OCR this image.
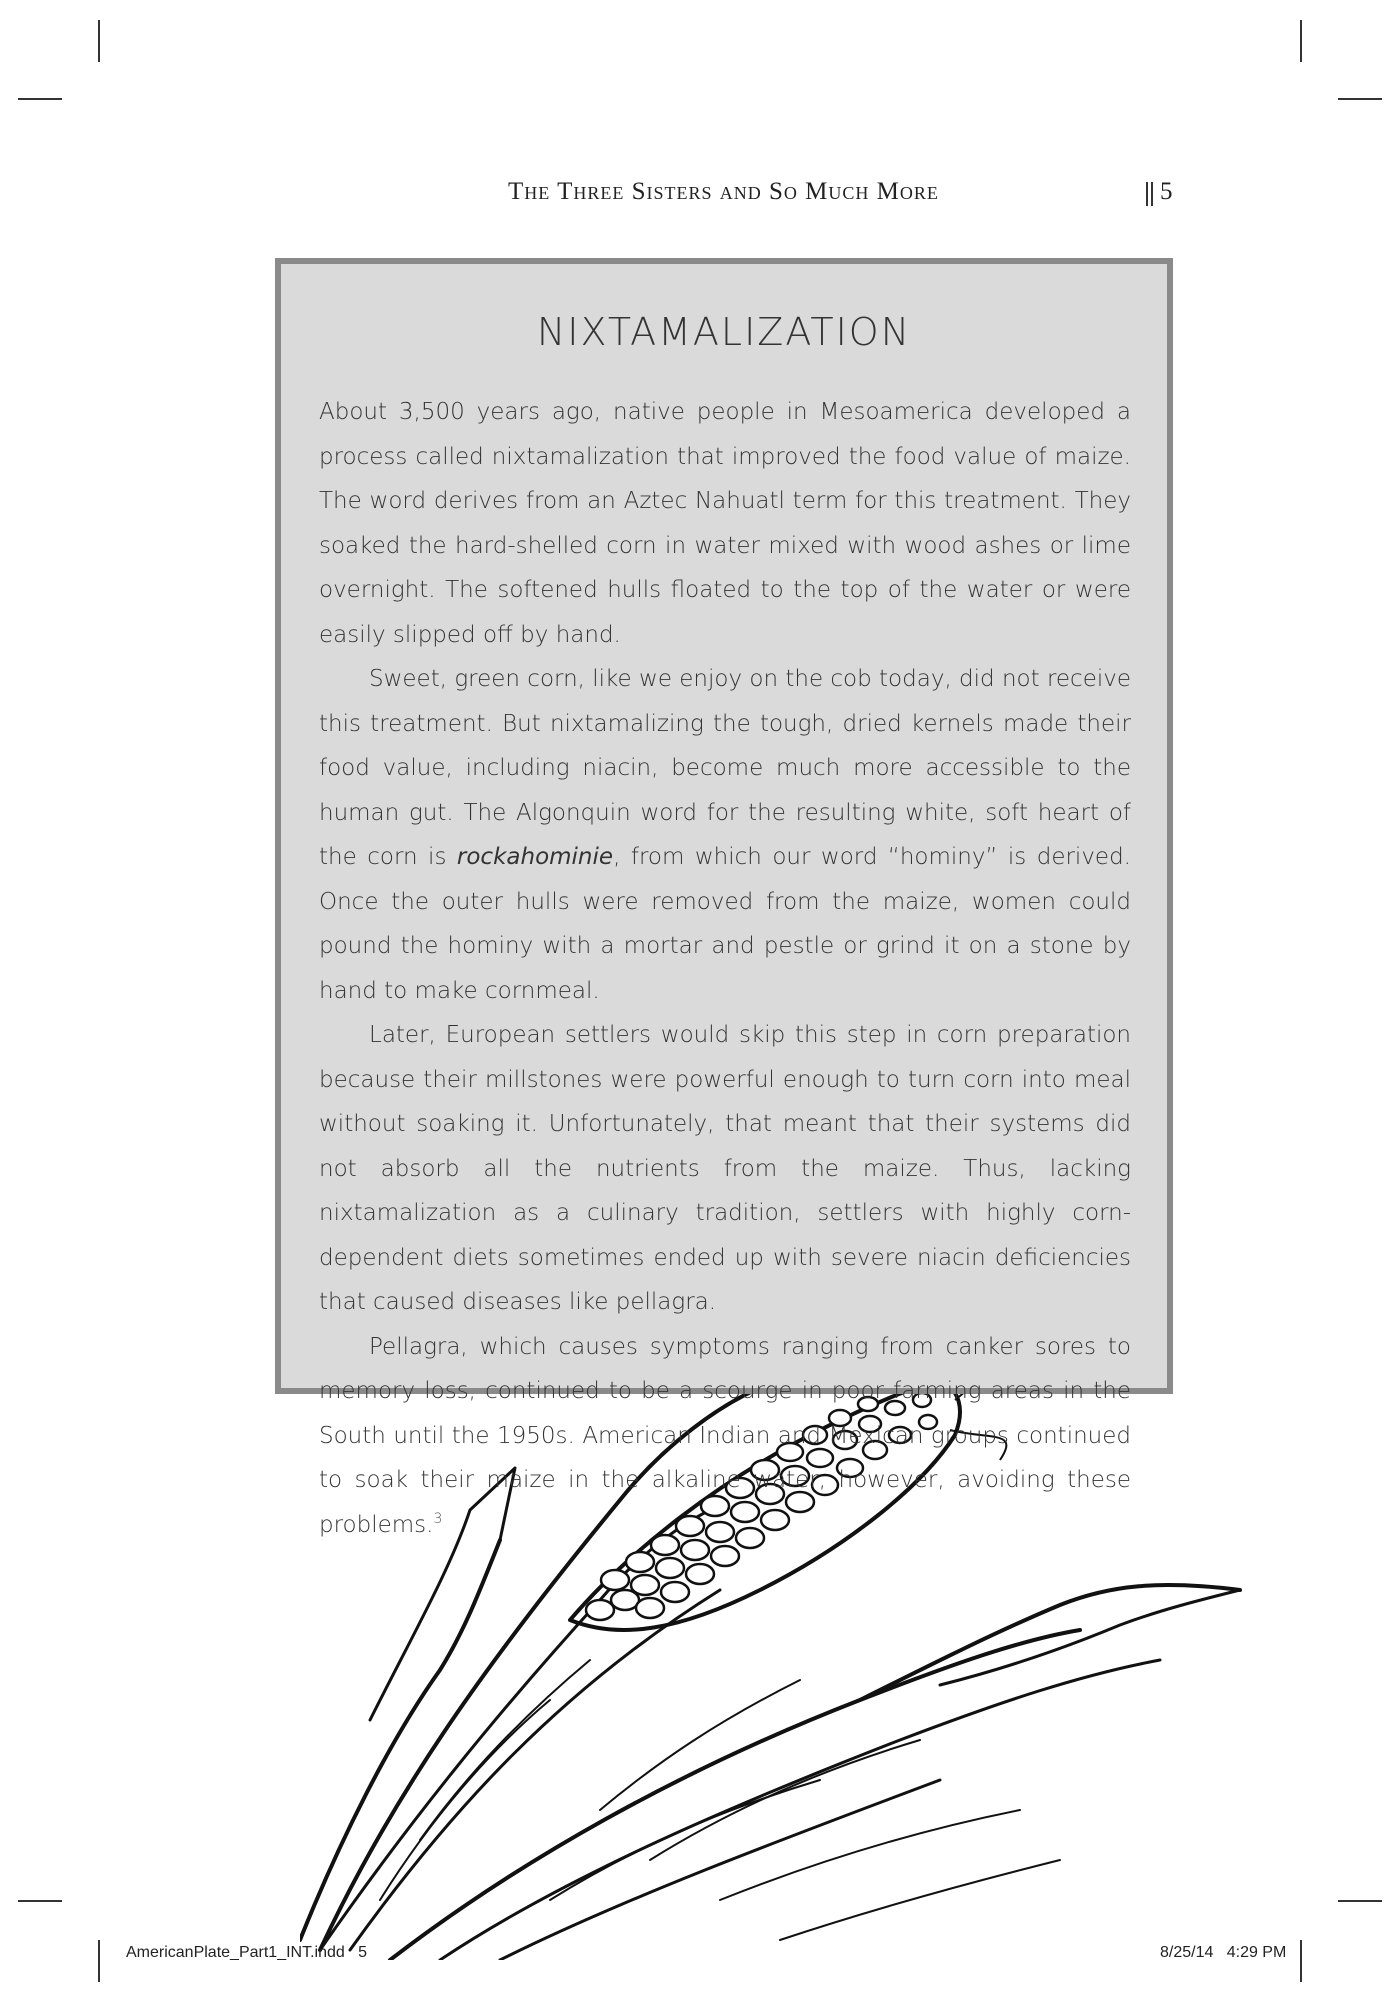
The Three Sisters and So Much More	5
NIXTAMALIZATION

About 3,500 years ago, native people in Mesoamerica developed a process called nixtamalization that improved the food value of maize. The word derives from an Aztec Nahuatl term for this treatment. They soaked the hard-shelled corn in water mixed with wood ashes or lime overnight. The softened hulls floated to the top of the water or were easily slipped off by hand.

Sweet, green corn, like we enjoy on the cob today, did not receive this treatment. But nixtamalizing the tough, dried kernels made their food value, including niacin, become much more accessible to the human gut. The Algonquin word for the resulting white, soft heart of the corn is rockahominie, from which our word “hominy” is derived. Once the outer hulls were removed from the maize, women could pound the hominy with a mortar and pestle or grind it on a stone by hand to make cornmeal.

Later, European settlers would skip this step in corn preparation because their millstones were powerful enough to turn corn into meal without soaking it. Unfortunately, that meant that their systems did not absorb all the nutrients from the maize. Thus, lacking nixtamalization as a culinary tradition, settlers with highly corn-dependent diets sometimes ended up with severe niacin deficiencies that caused diseases like pellagra.

Pellagra, which causes symptoms ranging from canker sores to memory loss, continued to be a scourge in poor farming areas in the South until the 1950s. American Indian and Mexican groups continued to soak their maize in the alkaline water, however, avoiding these problems.$^3$

AmericanPlate_Part1_INT.indd   5	8/25/14   4:29 PM
